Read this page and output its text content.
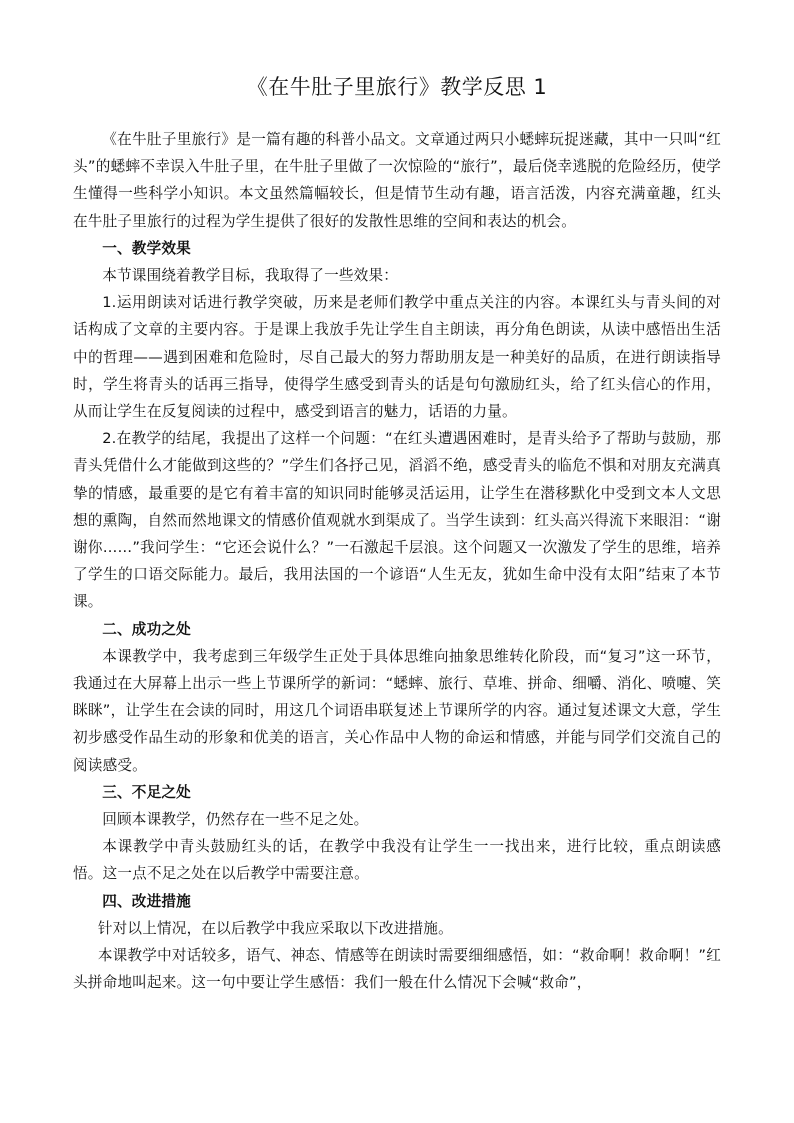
《在牛肚子里旅行》教学反思 1

《在牛肚子里旅行》是一篇有趣的科普小品文。文章通过两只小蟋蟀玩捉迷藏，其中一只叫“红头”的蟋蟀不幸误入牛肚子里，在牛肚子里做了一次惊险的“旅行”，最后侥幸逃脱的危险经历，使学生懂得一些科学小知识。本文虽然篇幅较长，但是情节生动有趣，语言活泼，内容充满童趣，红头在牛肚子里旅行的过程为学生提供了很好的发散性思维的空间和表达的机会。

一、教学效果

本节课围绕着教学目标，我取得了一些效果：

1.运用朗读对话进行教学突破，历来是老师们教学中重点关注的内容。本课红头与青头间的对话构成了文章的主要内容。于是课上我放手先让学生自主朗读，再分角色朗读，从读中感悟出生活中的哲理——遇到困难和危险时，尽自己最大的努力帮助朋友是一种美好的品质，在进行朗读指导时，学生将青头的话再三指导，使得学生感受到青头的话是句句激励红头，给了红头信心的作用，从而让学生在反复阅读的过程中，感受到语言的魅力，话语的力量。

2.在教学的结尾，我提出了这样一个问题：“在红头遭遇困难时，是青头给予了帮助与鼓励，那青头凭借什么才能做到这些的？”学生们各抒己见，滔滔不绝，感受青头的临危不惧和对朋友充满真挚的情感，最重要的是它有着丰富的知识同时能够灵活运用，让学生在潜移默化中受到文本人文思想的熏陶，自然而然地课文的情感价值观就水到渠成了。当学生读到：红头高兴得流下来眼泪：“谢谢你……”我问学生：“它还会说什么？”一石激起千层浪。这个问题又一次激发了学生的思维，培养了学生的口语交际能力。最后，我用法国的一个谚语“人生无友，犹如生命中没有太阳”结束了本节课。

二、成功之处

本课教学中，我考虑到三年级学生正处于具体思维向抽象思维转化阶段，而“复习”这一环节，我通过在大屏幕上出示一些上节课所学的新词：“蟋蟀、旅行、草堆、拼命、细嚼、消化、喷嚏、笑眯眯”，让学生在会读的同时，用这几个词语串联复述上节课所学的内容。通过复述课文大意，学生初步感受作品生动的形象和优美的语言，关心作品中人物的命运和情感，并能与同学们交流自己的阅读感受。

三、不足之处

回顾本课教学，仍然存在一些不足之处。

本课教学中青头鼓励红头的话，在教学中我没有让学生一一找出来，进行比较，重点朗读感悟。这一点不足之处在以后教学中需要注意。

四、改进措施

针对以上情况，在以后教学中我应采取以下改进措施。

本课教学中对话较多，语气、神态、情感等在朗读时需要细细感悟，如：“救命啊！救命啊！”红头拼命地叫起来。这一句中要让学生感悟：我们一般在什么情况下会喊“救命”，
